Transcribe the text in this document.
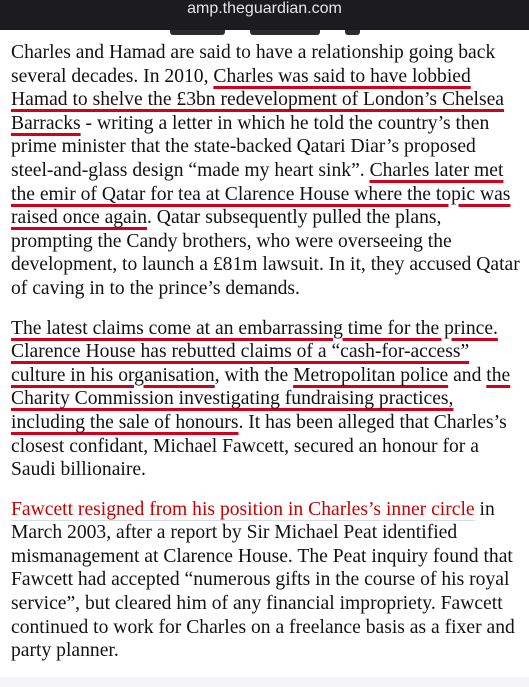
amp.theguardian.com

Charles and Hamad are said to have a relationship going back several decades. In 2010, Charles was said to have lobbied Hamad to shelve the £3bn redevelopment of London’s Chelsea Barracks - writing a letter in which he told the country’s then prime minister that the state-backed Qatari Diar’s proposed steel-and-glass design “made my heart sink”. Charles later met the emir of Qatar for tea at Clarence House where the topic was raised once again. Qatar subsequently pulled the plans, prompting the Candy brothers, who were overseeing the development, to launch a £81m lawsuit. In it, they accused Qatar of caving in to the prince’s demands.

The latest claims come at an embarrassing time for the prince. Clarence House has rebutted claims of a “cash-for-access” culture in his organisation, with the Metropolitan police and the Charity Commission investigating fundraising practices, including the sale of honours. It has been alleged that Charles’s closest confidant, Michael Fawcett, secured an honour for a Saudi billionaire.

Fawcett resigned from his position in Charles’s inner circle in March 2003, after a report by Sir Michael Peat identified mismanagement at Clarence House. The Peat inquiry found that Fawcett had accepted “numerous gifts in the course of his royal service”, but cleared him of any financial impropriety. Fawcett continued to work for Charles on a freelance basis as a fixer and party planner.
